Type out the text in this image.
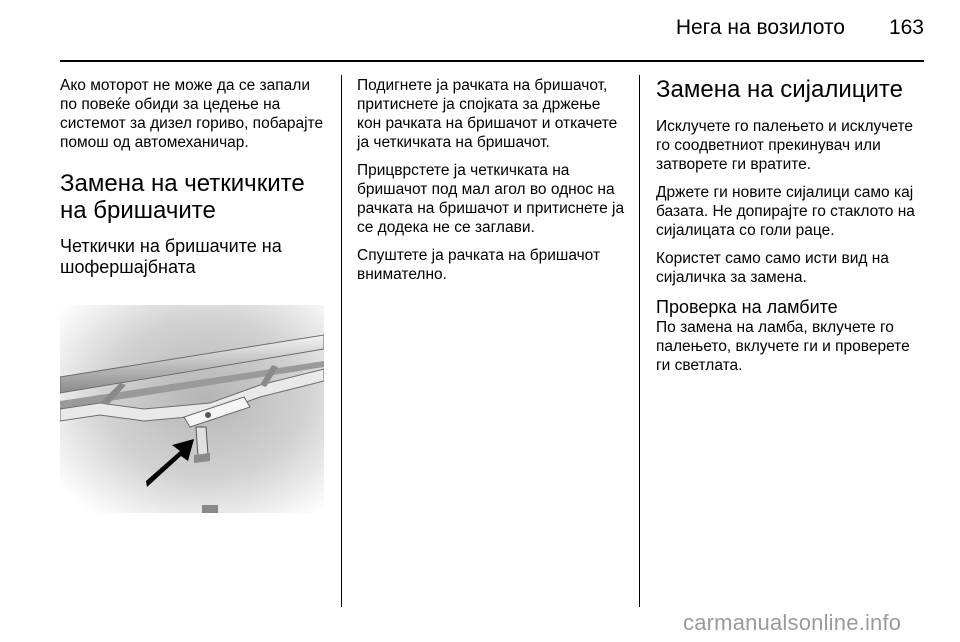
Нега на возилото	163

Ако моторот не може да се запали по повеќе обиди за цедење на системот за дизел гориво, побарајте помош од автомеханичар.

Замена на четкичките на бришачите
Четкички на бришачите на шофершајбната

Подигнете ја рачката на бришачот, притиснете ја спојката за држење кон рачката на бришачот и откачете ја четкичката на бришачот.

Прицврстете ја четкичката на бришачот под мал агол во однос на рачката на бришачот и притиснете ја се додека не се заглави.

Спуштете ја рачката на бришачот внимателно.

Замена на сијалиците

Исклучете го палењето и исклучете го соодветниот прекинувач или затворете ги вратите.

Држете ги новите сијалици само кај базата. Не допирајте го стаклото на сијалицата со голи раце.

Користет само само исти вид на сијаличка за замена.

Проверка на ламбите

По замена на ламба, вклучете го палењето, вклучете ги и проверете ги светлата.

carmanualsonline.info
